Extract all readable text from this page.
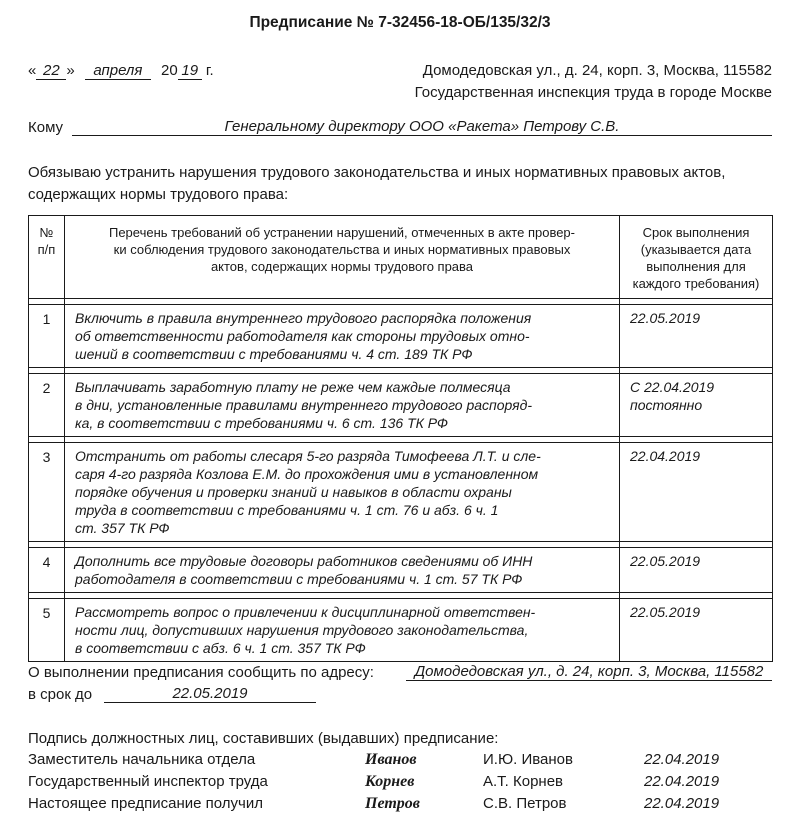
Предписание № 7-32456-18-ОБ/135/32/3
« 22 » апреля 20 19 г.	Домодедовская ул., д. 24, корп. 3, Москва, 115582
Государственная инспекция труда в городе Москве
Кому	Генеральному директору ООО «Ракета» Петрову С.В.
Обязываю устранить нарушения трудового законодательства и иных нормативных правовых актов,
содержащих нормы трудового права:
№
п/п	Перечень требований об устранении нарушений, отмеченных в акте провер-
ки соблюдения трудового законодательства и иных нормативных правовых
актов, содержащих нормы трудового права	Срок выполнения
(указывается дата
выполнения для
каждого требования)

1	Включить в правила внутреннего трудового распорядка положения
об ответственности работодателя как стороны трудовых отно-
шений в соответствии с требованиями ч. 4 ст. 189 ТК РФ	22.05.2019

2	Выплачивать заработную плату не реже чем каждые полмесяца
в дни, установленные правилами внутреннего трудового распоряд-
ка, в соответствии с требованиями ч. 6 ст. 136 ТК РФ	С 22.04.2019
постоянно

3	Отстранить от работы слесаря 5-го разряда Тимофеева Л.Т. и сле-
саря 4-го разряда Козлова Е.М. до прохождения ими в установленном
порядке обучения и проверки знаний и навыков в области охраны
труда в соответствии с требованиями ч. 1 ст. 76 и абз. 6 ч. 1
ст. 357 ТК РФ	22.04.2019

4	Дополнить все трудовые договоры работников сведениями об ИНН
работодателя в соответствии с требованиями ч. 1 ст. 57 ТК РФ	22.05.2019

5	Рассмотреть вопрос о привлечении к дисциплинарной ответствен-
ности лиц, допустивших нарушения трудового законодательства,
в соответствии с абз. 6 ч. 1 ст. 357 ТК РФ	22.05.2019
О выполнении предписания сообщить по адресу:	Домодедовская ул., д. 24, корп. 3, Москва, 115582
в срок до	22.05.2019
Подпись должностных лиц, составивших (выдавших) предписание:
Заместитель начальника отдела	Иванов	И.Ю. Иванов	22.04.2019
Государственный инспектор труда	Корнев	А.Т. Корнев	22.04.2019
Настоящее предписание получил	Петров	С.В. Петров	22.04.2019
